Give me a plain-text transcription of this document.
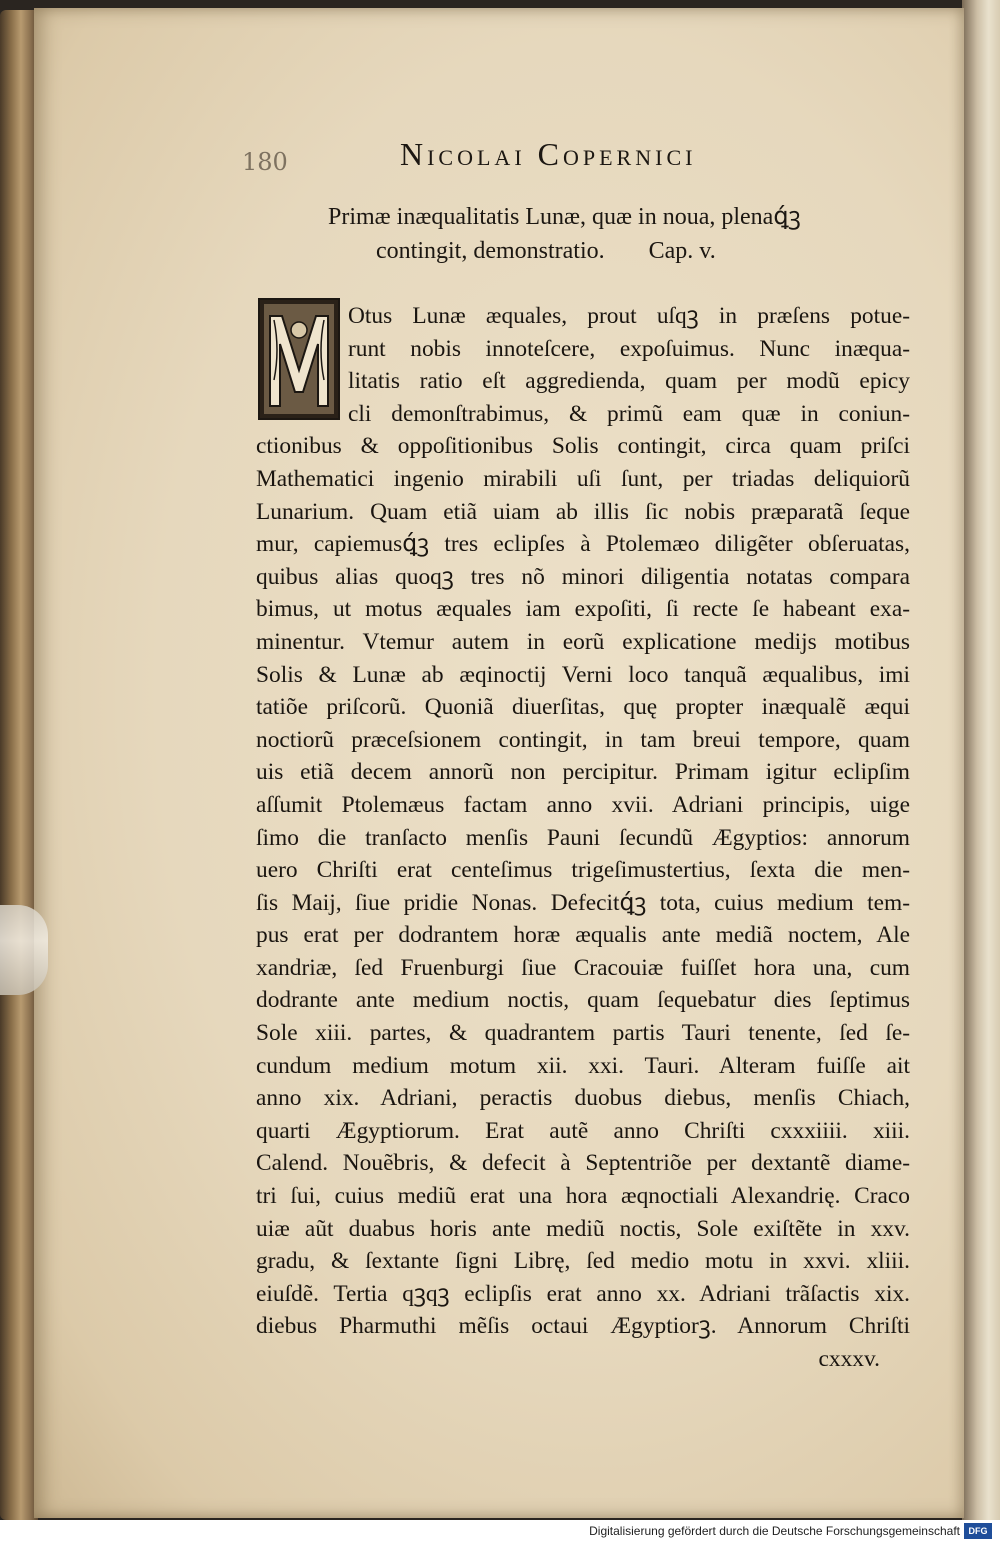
180	Nicolai Copernici
Primæ inæqualitatis Lunæ, quæ in noua, plenaꝗ́ꝫ
contingit, demonstratio. Cap. v.
Otus Lunæ æquales, prout uſqꝫ in præſens potue-
runt nobis innoteſcere, expoſuimus. Nunc inæqua-
litatis ratio eſt aggredienda, quam per modũ epicy
cli demonſtrabimus, & primũ eam quæ in coniun-
ctionibus & oppoſitionibus Solis contingit, circa quam priſci
Mathematici ingenio mirabili uſi ſunt, per triadas deliquiorũ
Lunarium. Quam etiã uiam ab illis ſic nobis præparatã ſeque
mur, capiemusꝗ́ꝫ tres eclipſes à Ptolemæo diligẽter obſeruatas,
quibus alias quoqꝫ tres nõ minori diligentia notatas compara
bimus, ut motus æquales iam expoſiti, ſi recte ſe habeant exa-
minentur. Vtemur autem in eorũ explicatione medijs motibus
Solis & Lunæ ab æqinoctij Verni loco tanquã æqualibus, imi
tatiõe priſcorũ. Quoniã diuerſitas, quę propter inæqualẽ æqui
noctiorũ præceſsionem contingit, in tam breui tempore, quam
uis etiã decem annorũ non percipitur. Primam igitur eclipſim
aſſumit Ptolemæus factam anno xvii. Adriani principis, uige
ſimo die tranſacto menſis Pauni ſecundũ Ægyptios: annorum
uero Chriſti erat centeſimus trigeſimustertius, ſexta die men-
ſis Maij, ſiue pridie Nonas. Defecitꝗ́ꝫ tota, cuius medium tem-
pus erat per dodrantem horæ æqualis ante mediã noctem, Ale
xandriæ, ſed Fruenburgi ſiue Cracouiæ fuiſſet hora una, cum
dodrante ante medium noctis, quam ſequebatur dies ſeptimus
Sole xiii. partes, & quadrantem partis Tauri tenente, ſed ſe-
cundum medium motum xii. xxi. Tauri. Alteram fuiſſe ait
anno xix. Adriani, peractis duobus diebus, menſis Chiach,
quarti Ægyptiorum. Erat autẽ anno Chriſti cxxxiiii. xiii.
Calend. Nouẽbris, & defecit à Septentriõe per dextantẽ diame-
tri ſui, cuius mediũ erat una hora æqnoctiali Alexandrię. Craco
uiæ aũt duabus horis ante mediũ noctis, Sole exiſtẽte in xxv.
gradu, & ſextante ſigni Librę, ſed medio motu in xxvi. xliii.
eiuſdẽ. Tertia qꝫqꝫ eclipſis erat anno xx. Adriani trãſactis xix.
diebus Pharmuthi mẽſis octaui Ægyptiorꝫ. Annorum Chriſti
cxxxv.
Digitalisierung gefördert durch die Deutsche Forschungsgemeinschaft DFG
